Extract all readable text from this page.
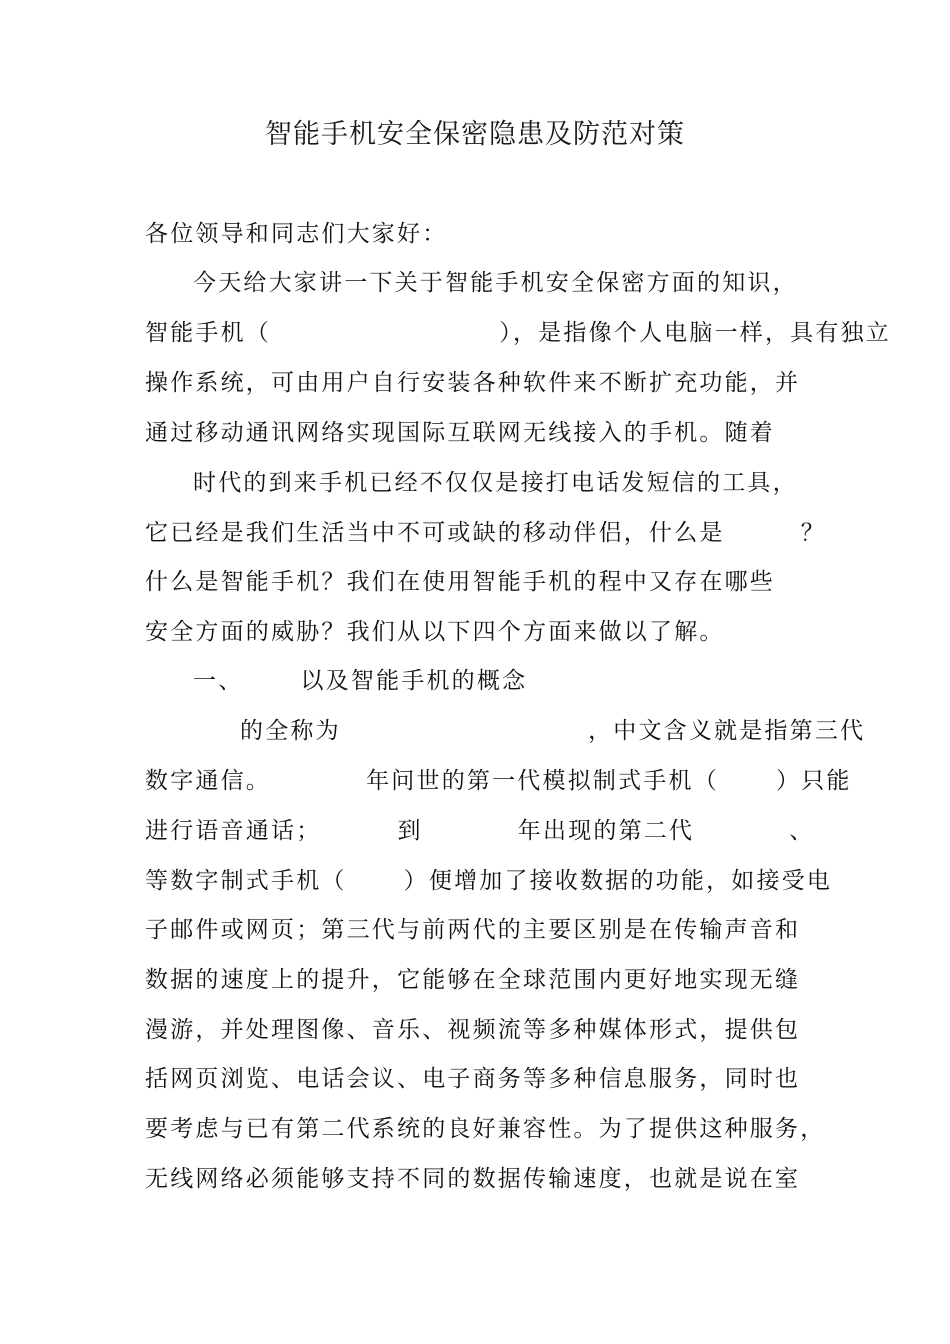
智能手机安全保密隐患及防范对策
各位领导和同志们大家好：
今天给大家讲一下关于智能手机安全保密方面的知识，
智能手机（                        ），是指像个人电脑一样，具有独立
操作系统，可由用户自行安装各种软件来不断扩充功能，并
通过移动通讯网络实现国际互联网无线接入的手机。随着
时代的到来手机已经不仅仅是接打电话发短信的工具，
它已经是我们生活当中不可或缺的移动伴侣，什么是        ？
什么是智能手机？我们在使用智能手机的程中又存在哪些
安全方面的威胁？我们从以下四个方面来做以了解。
一、      以及智能手机的概念
的全称为                          ，中文含义就是指第三代
数字通信。          年问世的第一代模拟制式手机（      ）只能
进行语音通话；        到          年出现的第二代          、
等数字制式手机（      ）便增加了接收数据的功能，如接受电
子邮件或网页；第三代与前两代的主要区别是在传输声音和
数据的速度上的提升，它能够在全球范围内更好地实现无缝
漫游，并处理图像、音乐、视频流等多种媒体形式，提供包
括网页浏览、电话会议、电子商务等多种信息服务，同时也
要考虑与已有第二代系统的良好兼容性。为了提供这种服务，
无线网络必须能够支持不同的数据传输速度，也就是说在室
